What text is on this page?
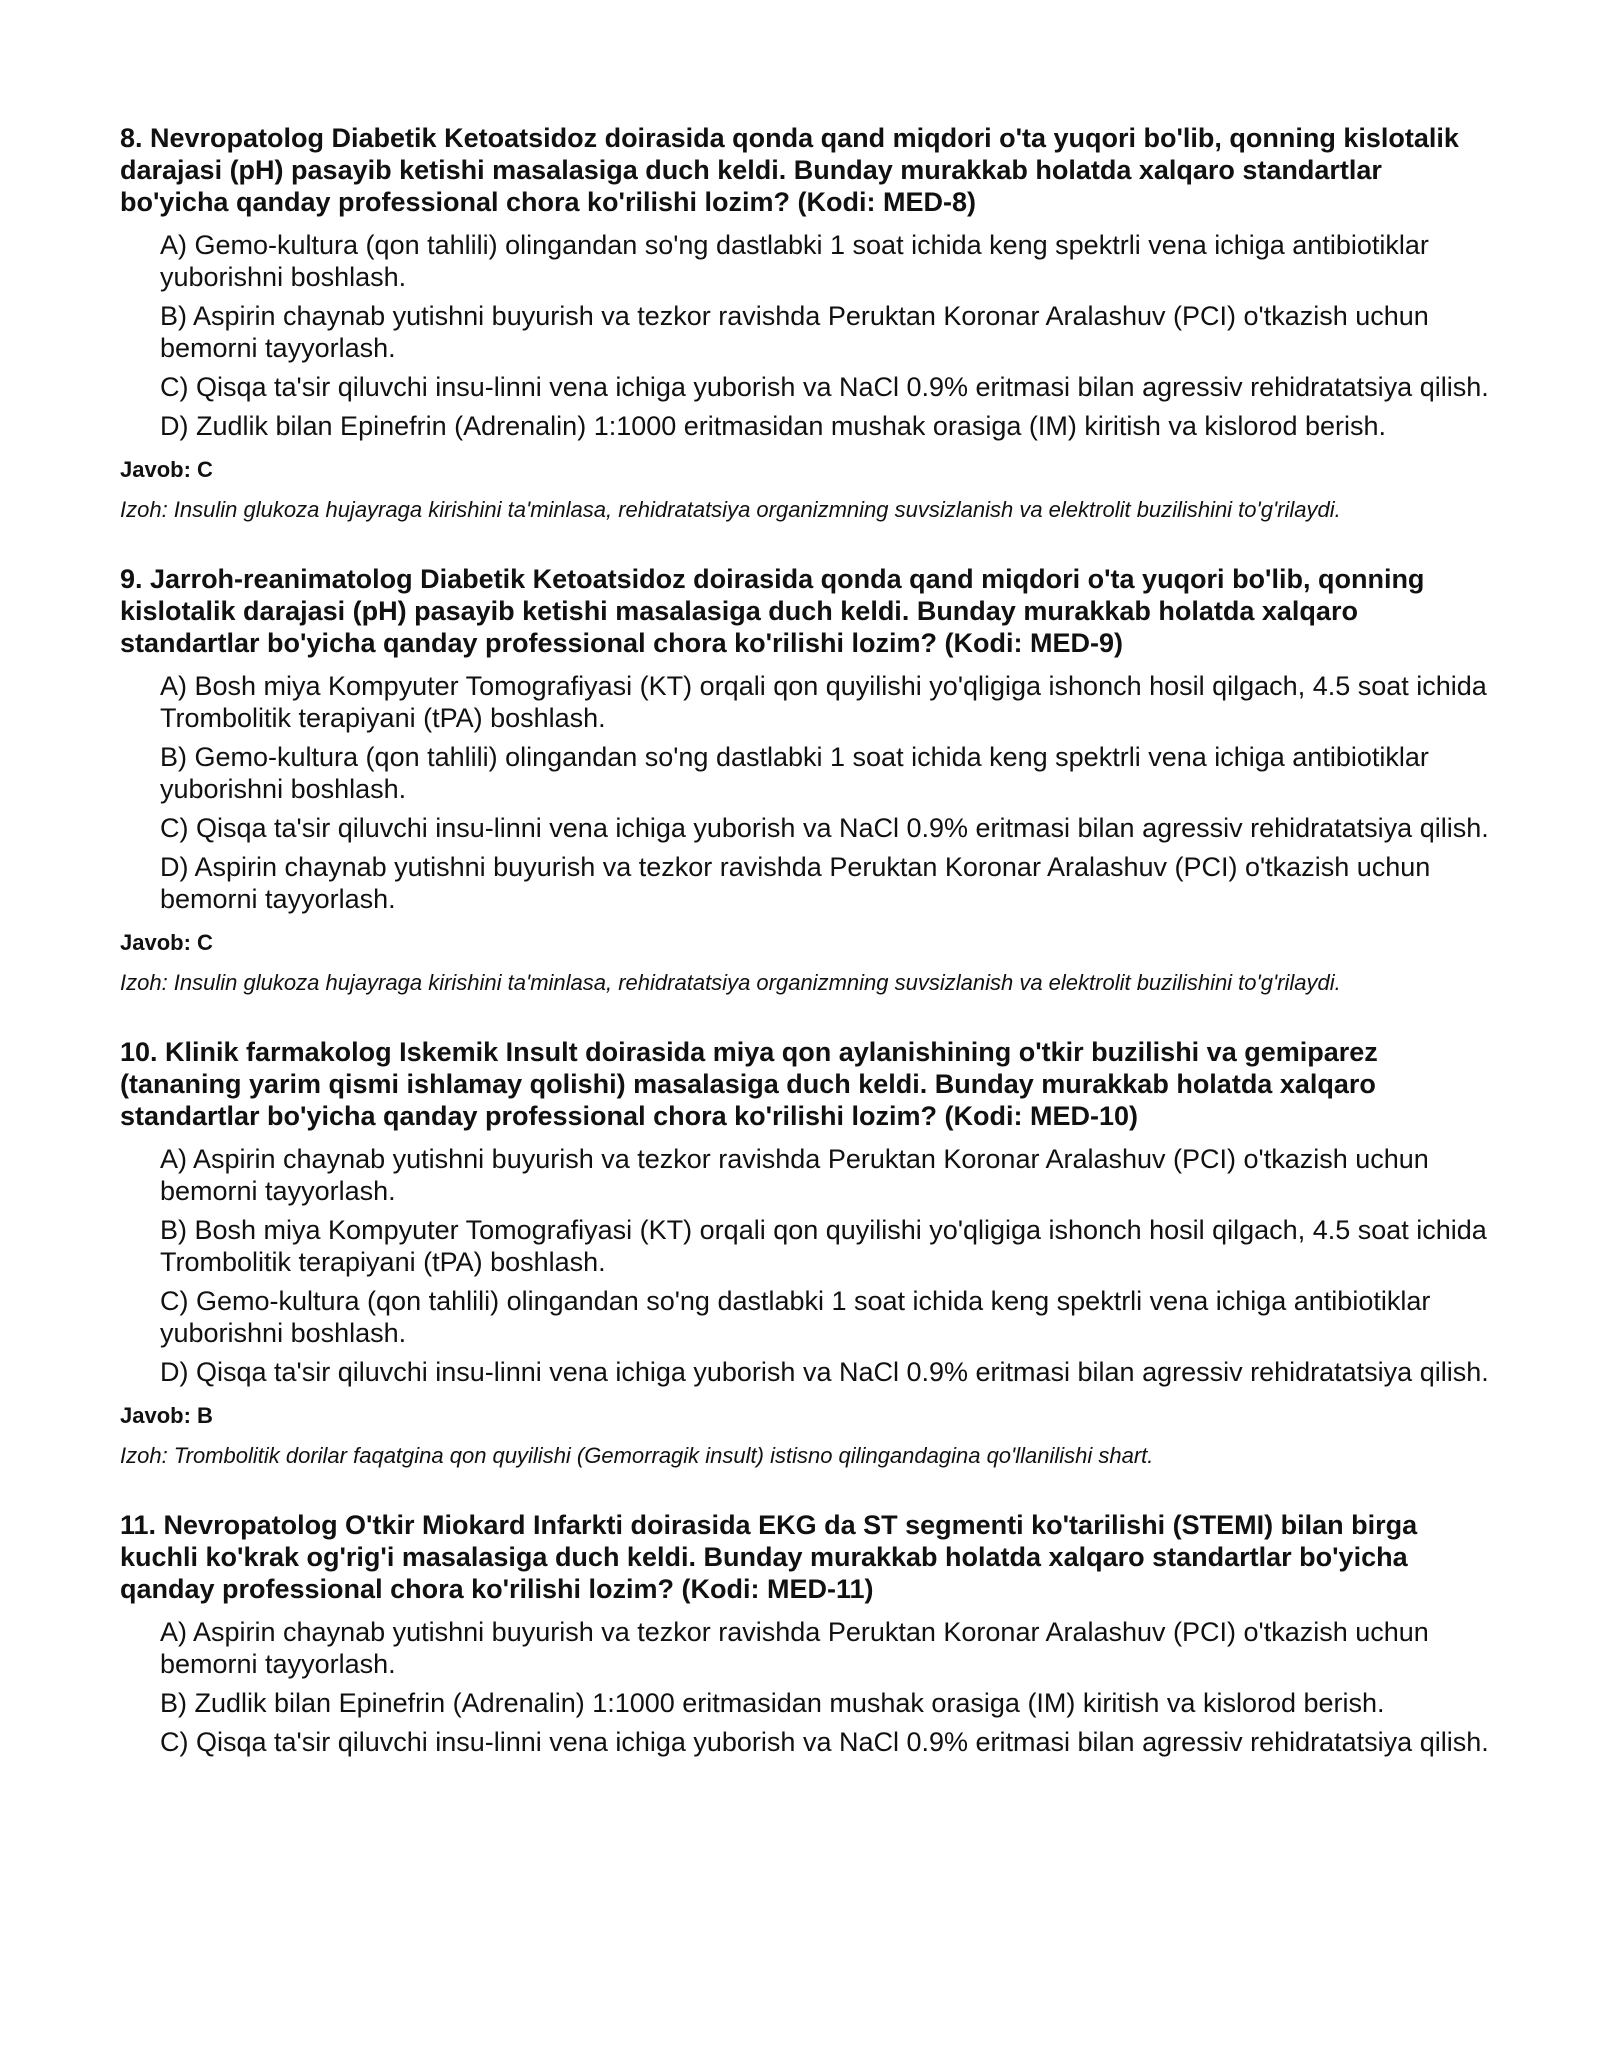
8. Nevropatolog Diabetik Ketoatsidoz doirasida qonda qand miqdori o'ta yuqori bo'lib, qonning kislotalik darajasi (pH) pasayib ketishi masalasiga duch keldi. Bunday murakkab holatda xalqaro standartlar bo'yicha qanday professional chora ko'rilishi lozim? (Kodi: MED-8)

A) Gemo-kultura (qon tahlili) olingandan so'ng dastlabki 1 soat ichida keng spektrli vena ichiga antibiotiklar yuborishni boshlash.

B) Aspirin chaynab yutishni buyurish va tezkor ravishda Peruktan Koronar Aralashuv (PCI) o'tkazish uchun bemorni tayyorlash.

C) Qisqa ta'sir qiluvchi insu-linni vena ichiga yuborish va NaCl 0.9% eritmasi bilan agressiv rehidratatsiya qilish.

D) Zudlik bilan Epinefrin (Adrenalin) 1:1000 eritmasidan mushak orasiga (IM) kiritish va kislorod berish.

Javob: C

Izoh: Insulin glukoza hujayraga kirishini ta'minlasa, rehidratatsiya organizmning suvsizlanish va elektrolit buzilishini to'g'rilaydi.

9. Jarroh-reanimatolog Diabetik Ketoatsidoz doirasida qonda qand miqdori o'ta yuqori bo'lib, qonning kislotalik darajasi (pH) pasayib ketishi masalasiga duch keldi. Bunday murakkab holatda xalqaro standartlar bo'yicha qanday professional chora ko'rilishi lozim? (Kodi: MED-9)

A) Bosh miya Kompyuter Tomografiyasi (KT) orqali qon quyilishi yo'qligiga ishonch hosil qilgach, 4.5 soat ichida Trombolitik terapiyani (tPA) boshlash.

B) Gemo-kultura (qon tahlili) olingandan so'ng dastlabki 1 soat ichida keng spektrli vena ichiga antibiotiklar yuborishni boshlash.

C) Qisqa ta'sir qiluvchi insu-linni vena ichiga yuborish va NaCl 0.9% eritmasi bilan agressiv rehidratatsiya qilish.

D) Aspirin chaynab yutishni buyurish va tezkor ravishda Peruktan Koronar Aralashuv (PCI) o'tkazish uchun bemorni tayyorlash.

Javob: C

Izoh: Insulin glukoza hujayraga kirishini ta'minlasa, rehidratatsiya organizmning suvsizlanish va elektrolit buzilishini to'g'rilaydi.

10. Klinik farmakolog Iskemik Insult doirasida miya qon aylanishining o'tkir buzilishi va gemiparez (tananing yarim qismi ishlamay qolishi) masalasiga duch keldi. Bunday murakkab holatda xalqaro standartlar bo'yicha qanday professional chora ko'rilishi lozim? (Kodi: MED-10)

A) Aspirin chaynab yutishni buyurish va tezkor ravishda Peruktan Koronar Aralashuv (PCI) o'tkazish uchun bemorni tayyorlash.

B) Bosh miya Kompyuter Tomografiyasi (KT) orqali qon quyilishi yo'qligiga ishonch hosil qilgach, 4.5 soat ichida Trombolitik terapiyani (tPA) boshlash.

C) Gemo-kultura (qon tahlili) olingandan so'ng dastlabki 1 soat ichida keng spektrli vena ichiga antibiotiklar yuborishni boshlash.

D) Qisqa ta'sir qiluvchi insu-linni vena ichiga yuborish va NaCl 0.9% eritmasi bilan agressiv rehidratatsiya qilish.

Javob: B

Izoh: Trombolitik dorilar faqatgina qon quyilishi (Gemorragik insult) istisno qilingandagina qo'llanilishi shart.

11. Nevropatolog O'tkir Miokard Infarkti doirasida EKG da ST segmenti ko'tarilishi (STEMI) bilan birga kuchli ko'krak og'rig'i masalasiga duch keldi. Bunday murakkab holatda xalqaro standartlar bo'yicha qanday professional chora ko'rilishi lozim? (Kodi: MED-11)

A) Aspirin chaynab yutishni buyurish va tezkor ravishda Peruktan Koronar Aralashuv (PCI) o'tkazish uchun bemorni tayyorlash.

B) Zudlik bilan Epinefrin (Adrenalin) 1:1000 eritmasidan mushak orasiga (IM) kiritish va kislorod berish.

C) Qisqa ta'sir qiluvchi insu-linni vena ichiga yuborish va NaCl 0.9% eritmasi bilan agressiv rehidratatsiya qilish.
